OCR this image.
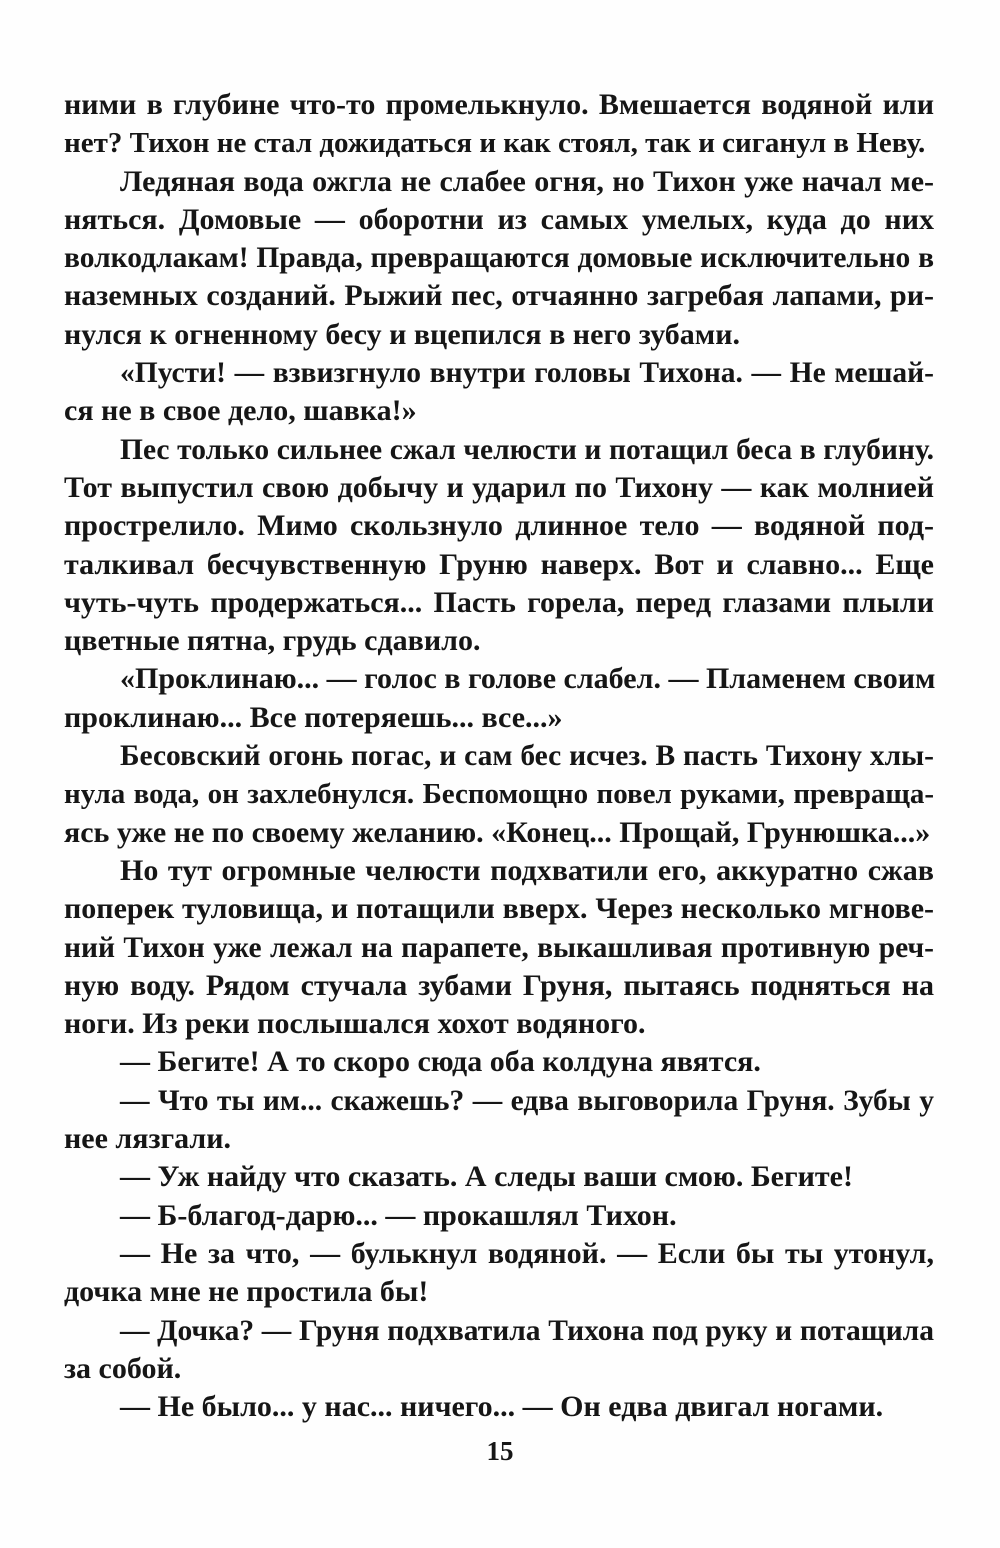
ними в глубине что-то промелькнуло. Вмешается водяной или
нет? Тихон не стал дожидаться и как стоял, так и сиганул в Неву.
Ледяная вода ожгла не слабее огня, но Тихон уже начал ме-
няться. Домовые — оборотни из самых умелых, куда до них
волкодлакам! Правда, превращаются домовые исключительно в
наземных созданий. Рыжий пес, отчаянно загребая лапами, ри-
нулся к огненному бесу и вцепился в него зубами.
«Пусти! — взвизгнуло внутри головы Тихона. — Не мешай-
ся не в свое дело, шавка!»
Пес только сильнее сжал челюсти и потащил беса в глубину.
Тот выпустил свою добычу и ударил по Тихону — как молнией
прострелило. Мимо скользнуло длинное тело — водяной под-
талкивал бесчувственную Груню наверх. Вот и славно... Еще
чуть-чуть продержаться... Пасть горела, перед глазами плыли
цветные пятна, грудь сдавило.
«Проклинаю... — голос в голове слабел. — Пламенем своим
проклинаю... Все потеряешь... все...»
Бесовский огонь погас, и сам бес исчез. В пасть Тихону хлы-
нула вода, он захлебнулся. Беспомощно повел руками, превраща-
ясь уже не по своему желанию. «Конец... Прощай, Грунюшка...»
Но тут огромные челюсти подхватили его, аккуратно сжав
поперек туловища, и потащили вверх. Через несколько мгнове-
ний Тихон уже лежал на парапете, выкашливая противную реч-
ную воду. Рядом стучала зубами Груня, пытаясь подняться на
ноги. Из реки послышался хохот водяного.
— Бегите! А то скоро сюда оба колдуна явятся.
— Что ты им... скажешь? — едва выговорила Груня. Зубы у
нее лязгали.
— Уж найду что сказать. А следы ваши смою. Бегите!
— Б-благод-дарю... — прокашлял Тихон.
— Не за что, — булькнул водяной. — Если бы ты утонул,
дочка мне не простила бы!
— Дочка? — Груня подхватила Тихона под руку и потащила
за собой.
— Не было... у нас... ничего... — Он едва двигал ногами.
15
